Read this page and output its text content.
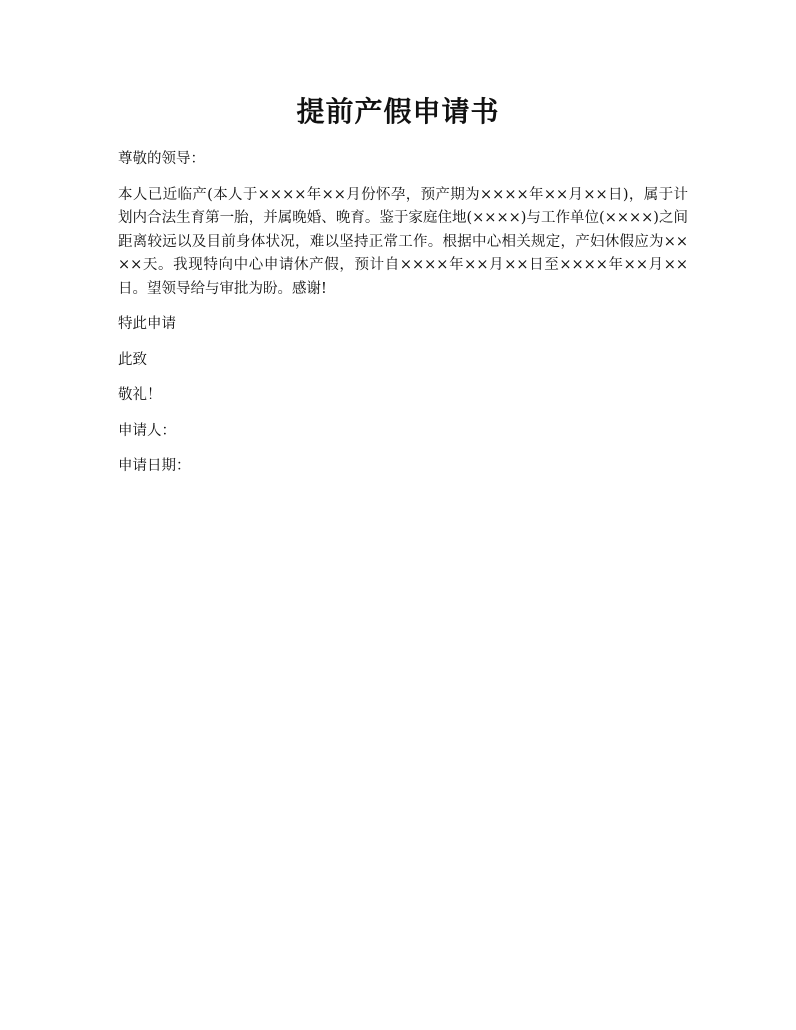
提前产假申请书

尊敬的领导：

本人已近临产(本人于××××年××月份怀孕，预产期为××××年××月××日)，属于计划内合法生育第一胎，并属晚婚、晚育。鉴于家庭住地(××××)与工作单位(××××)之间距离较远以及目前身体状况，难以坚持正常工作。根据中心相关规定，产妇休假应为××××天。我现特向中心申请休产假，预计自××××年××月××日至××××年××月××日。望领导给与审批为盼。感谢!

特此申请

此致

敬礼！

申请人：

申请日期：
